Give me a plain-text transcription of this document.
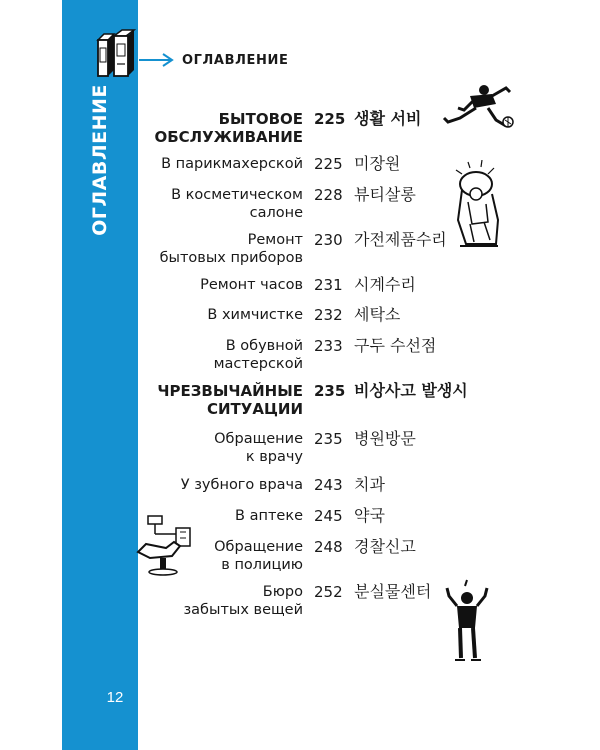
ОГЛАВЛЕНИЕ
12
ОГЛАВЛЕНИЕ
БЫТОВОЕ
ОБСЛУЖИВАНИЕ
225 생활 서비
В парикмахерской 225 미장원
В косметическом
салоне
228 뷰티살롱
Ремонт
бытовых приборов
230 가전제품수리
Ремонт часов 231 시계수리
В химчистке 232 세탁소
В обувной
мастерской
233 구두 수선점
ЧРЕЗВЫЧАЙНЫЕ
СИТУАЦИИ
235 비상사고 발생시
Обращение
к врачу
235 병원방문
У зубного врача 243 치과
В аптеке 245 약국
Обращение
в полицию
248 경찰신고
Бюро
забытых вещей
252 분실물센터
